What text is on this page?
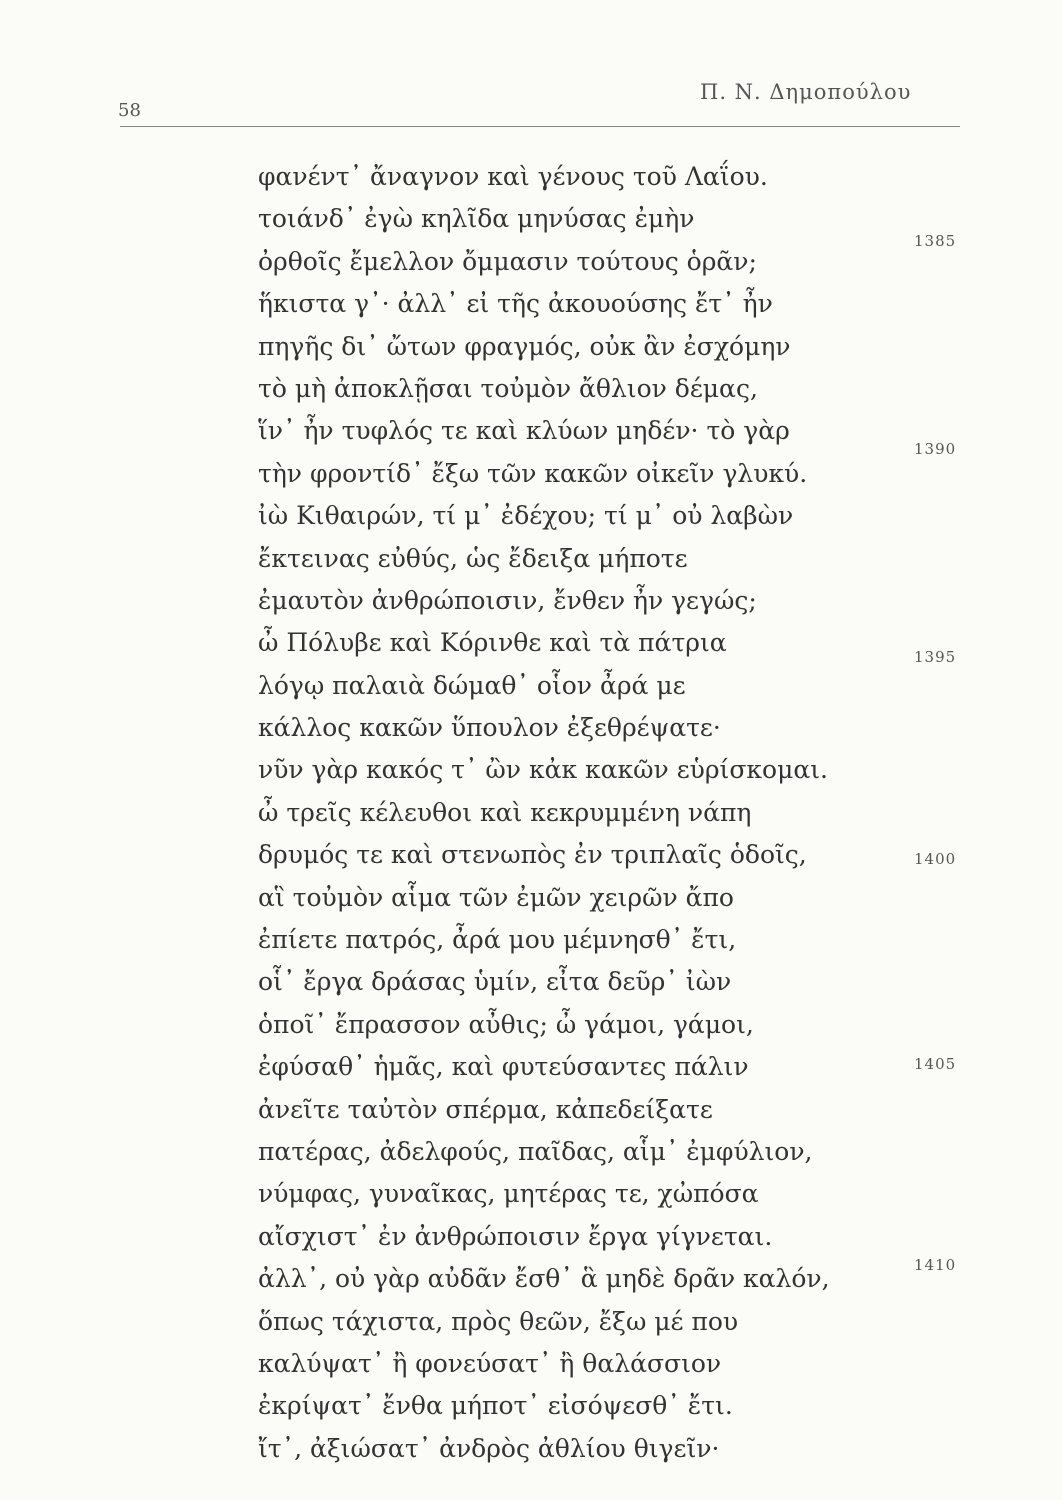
58
Π. Ν. Δημοπούλου
φανέντ᾽ ἄναγνον καὶ γένους τοῦ Λαΐου.
τοιάνδ᾽ ἐγὼ κηλῖδα μηνύσας ἐμὴν
ὀρθοῖς ἔμελλον ὄμμασιν τούτους ὁρᾶν;
ἥκιστα γ᾽· ἀλλ᾽ εἰ τῆς ἀκουούσης ἔτ᾽ ἦν
πηγῆς δι᾽ ὤτων φραγμός, οὐκ ἂν ἐσχόμην
τὸ μὴ ἀποκλῇσαι τοὐμὸν ἄθλιον δέμας,
ἵν᾽ ἦν τυφλός τε καὶ κλύων μηδέν· τὸ γὰρ
τὴν φροντίδ᾽ ἔξω τῶν κακῶν οἰκεῖν γλυκύ.
ἰὼ Κιθαιρών, τί μ᾽ ἐδέχου; τί μ᾽ οὐ λαβὼν
ἔκτεινας εὐθύς, ὡς ἔδειξα μήποτε
ἐμαυτὸν ἀνθρώποισιν, ἔνθεν ἦν γεγώς;
ὦ Πόλυβε καὶ Κόρινθε καὶ τὰ πάτρια
λόγῳ παλαιὰ δώμαθ᾽ οἷον ἆρά με
κάλλος κακῶν ὕπουλον ἐξεθρέψατε·
νῦν γὰρ κακός τ᾽ ὢν κἀκ κακῶν εὑρίσκομαι.
ὦ τρεῖς κέλευθοι καὶ κεκρυμμένη νάπη
δρυμός τε καὶ στενωπὸς ἐν τριπλαῖς ὁδοῖς,
αἳ τοὐμὸν αἷμα τῶν ἐμῶν χειρῶν ἄπο
ἐπίετε πατρός, ἆρά μου μέμνησθ᾽ ἔτι,
οἷ᾽ ἔργα δράσας ὑμίν, εἶτα δεῦρ᾽ ἰὼν
ὁποῖ᾽ ἔπρασσον αὖθις; ὦ γάμοι, γάμοι,
ἐφύσαθ᾽ ἡμᾶς, καὶ φυτεύσαντες πάλιν
ἀνεῖτε ταὐτὸν σπέρμα, κἀπεδείξατε
πατέρας, ἀδελφούς, παῖδας, αἷμ᾽ ἐμφύλιον,
νύμφας, γυναῖκας, μητέρας τε, χὠπόσα
αἴσχιστ᾽ ἐν ἀνθρώποισιν ἔργα γίγνεται.
ἀλλ᾽, οὐ γὰρ αὐδᾶν ἔσθ᾽ ἃ μηδὲ δρᾶν καλόν,
ὅπως τάχιστα, πρὸς θεῶν, ἔξω μέ που
καλύψατ᾽ ἢ φονεύσατ᾽ ἢ θαλάσσιον
ἐκρίψατ᾽ ἔνθα μήποτ᾽ εἰσόψεσθ᾽ ἔτι.
ἴτ᾽, ἀξιώσατ᾽ ἀνδρὸς ἀθλίου θιγεῖν·
1385
1390
1395
1400
1405
1410
